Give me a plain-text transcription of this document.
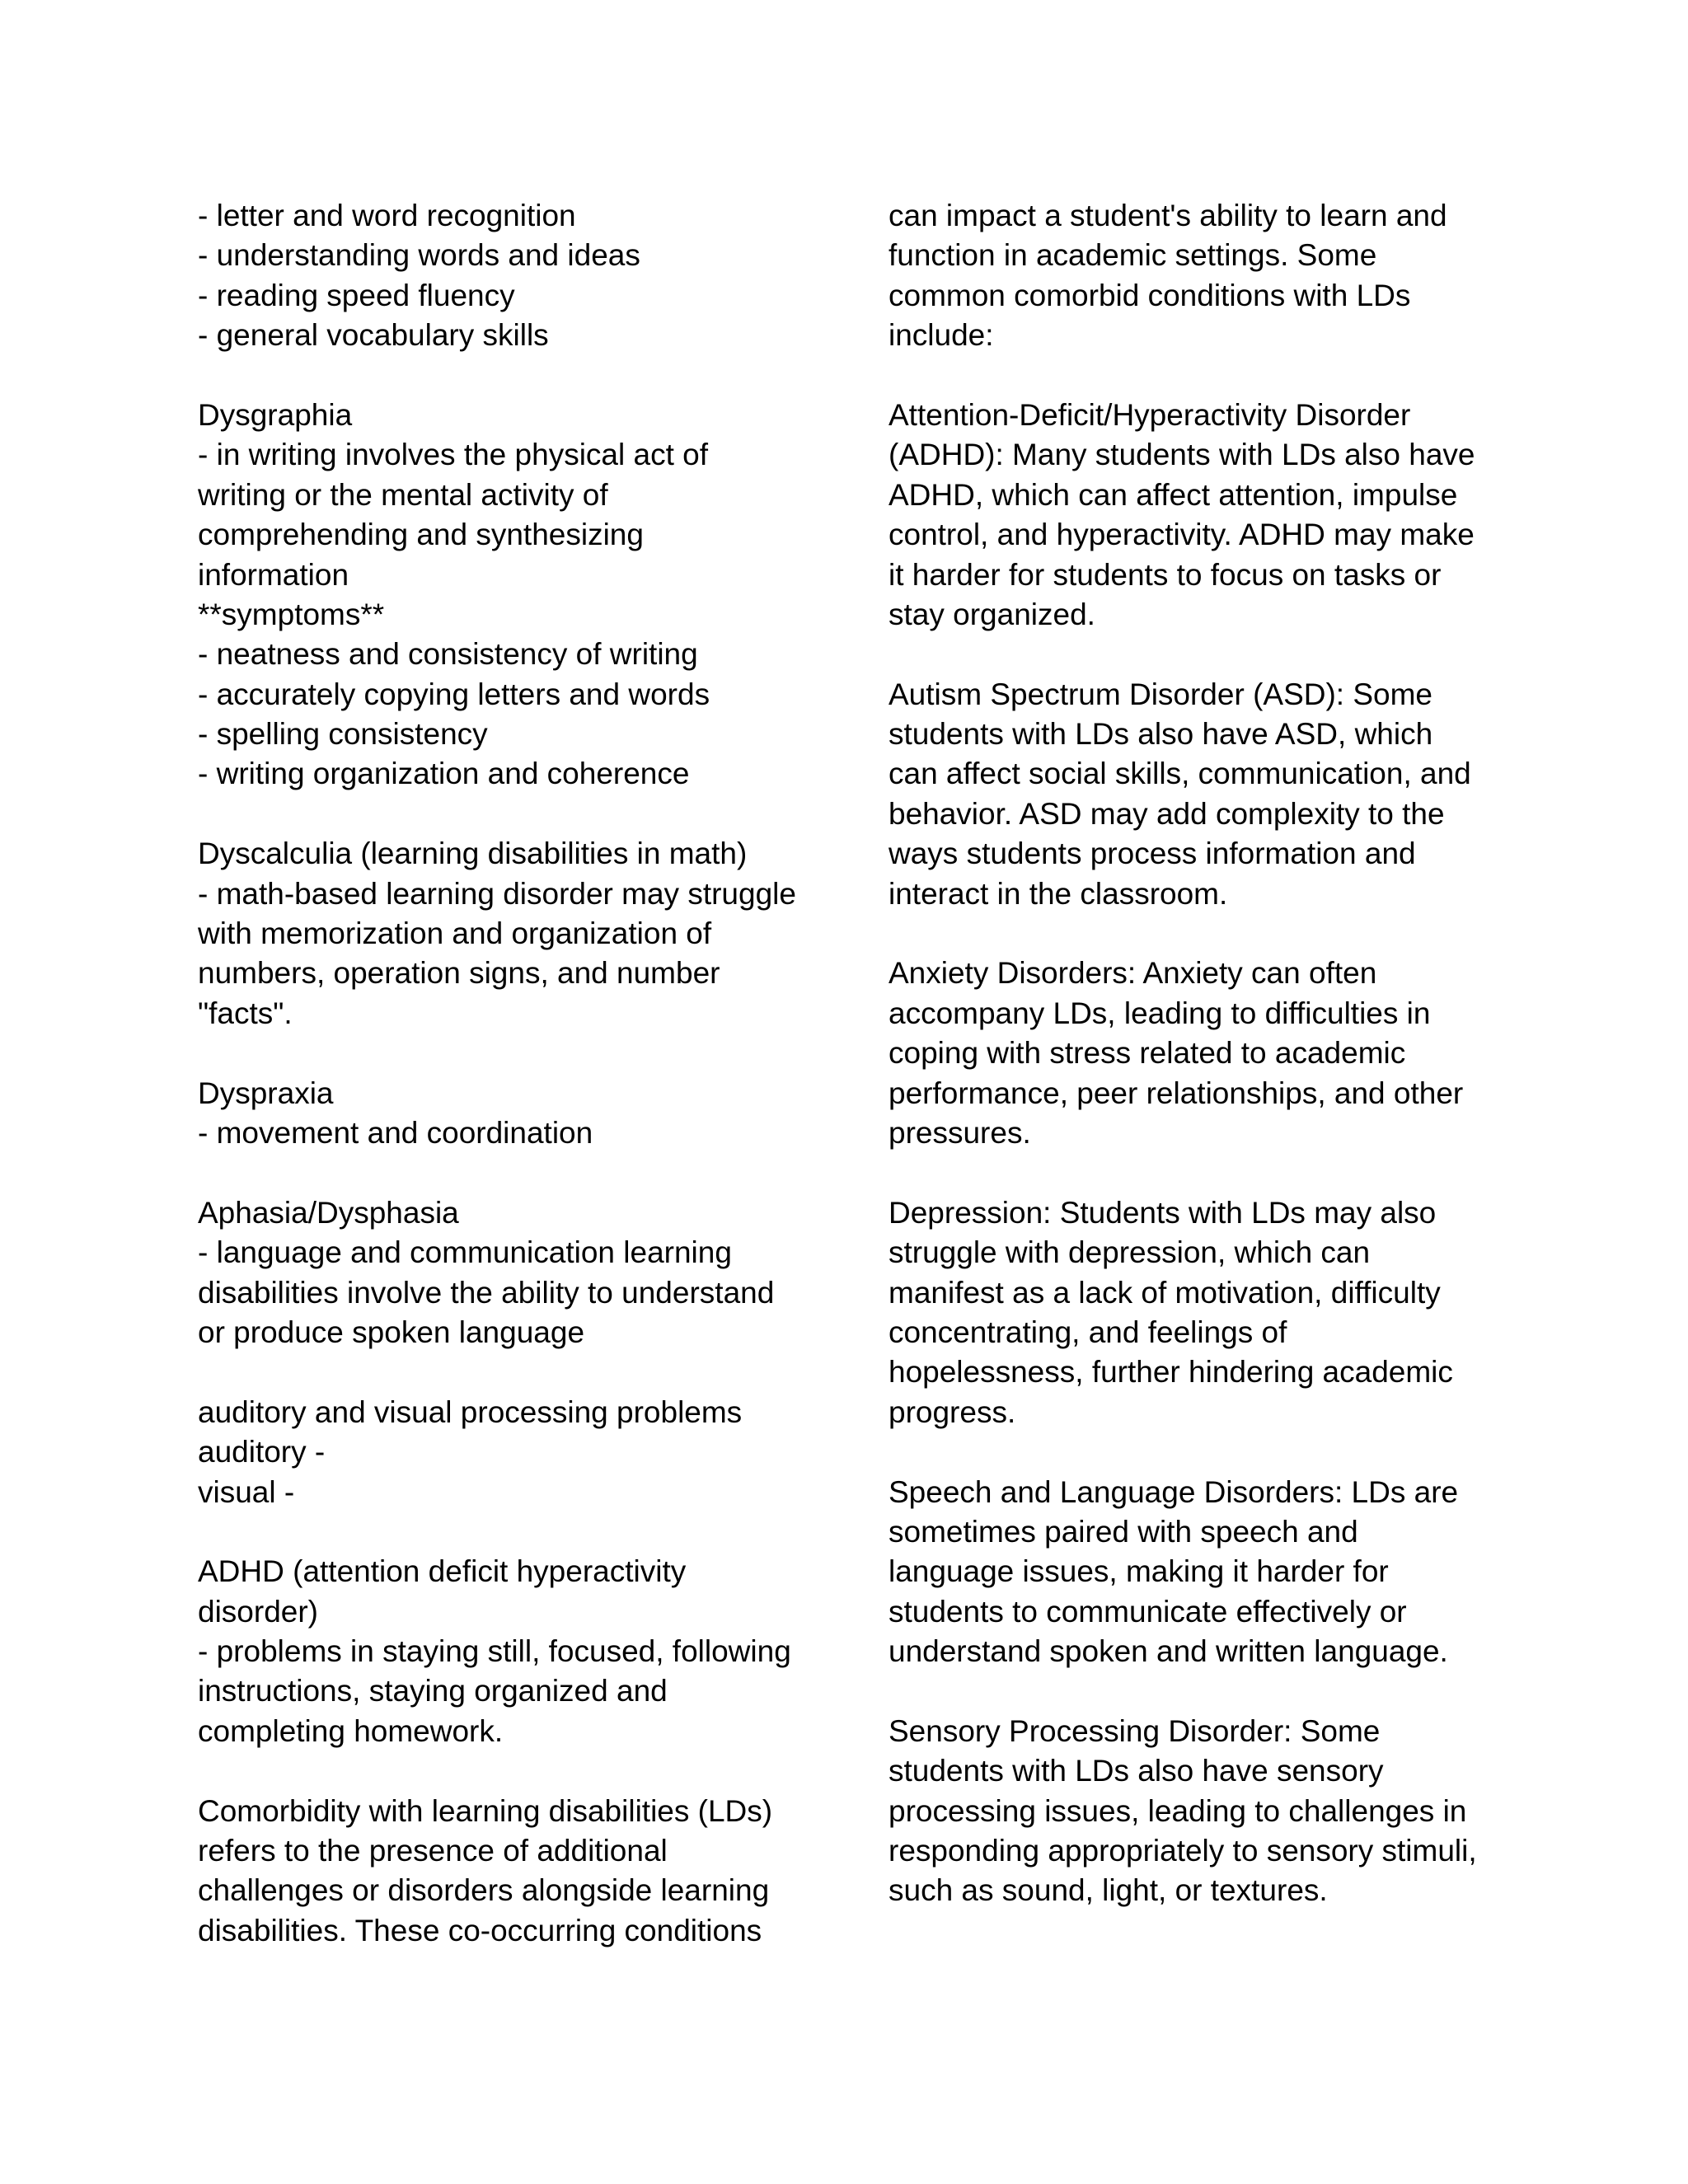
- letter and word recognition
- understanding words and ideas
- reading speed fluency
- general vocabulary skills
Dysgraphia
- in writing involves the physical act of
writing or the mental activity of
comprehending and synthesizing
information
**symptoms**
- neatness and consistency of writing
- accurately copying letters and words
- spelling consistency
- writing organization and coherence
Dyscalculia (learning disabilities in math)
- math-based learning disorder may struggle
with memorization and organization of
numbers, operation signs, and number
"facts".
Dyspraxia
- movement and coordination
Aphasia/Dysphasia
- language and communication learning
disabilities involve the ability to understand
or produce spoken language
auditory and visual processing problems
auditory -
visual -
ADHD (attention deficit hyperactivity
disorder)
- problems in staying still, focused, following
instructions, staying organized and
completing homework.
Comorbidity with learning disabilities (LDs)
refers to the presence of additional
challenges or disorders alongside learning
disabilities. These co-occurring conditions
can impact a student's ability to learn and
function in academic settings. Some
common comorbid conditions with LDs
include:
Attention-Deficit/Hyperactivity Disorder
(ADHD): Many students with LDs also have
ADHD, which can affect attention, impulse
control, and hyperactivity. ADHD may make
it harder for students to focus on tasks or
stay organized.
Autism Spectrum Disorder (ASD): Some
students with LDs also have ASD, which
can affect social skills, communication, and
behavior. ASD may add complexity to the
ways students process information and
interact in the classroom.
Anxiety Disorders: Anxiety can often
accompany LDs, leading to difficulties in
coping with stress related to academic
performance, peer relationships, and other
pressures.
Depression: Students with LDs may also
struggle with depression, which can
manifest as a lack of motivation, difficulty
concentrating, and feelings of
hopelessness, further hindering academic
progress.
Speech and Language Disorders: LDs are
sometimes paired with speech and
language issues, making it harder for
students to communicate effectively or
understand spoken and written language.
Sensory Processing Disorder: Some
students with LDs also have sensory
processing issues, leading to challenges in
responding appropriately to sensory stimuli,
such as sound, light, or textures.
